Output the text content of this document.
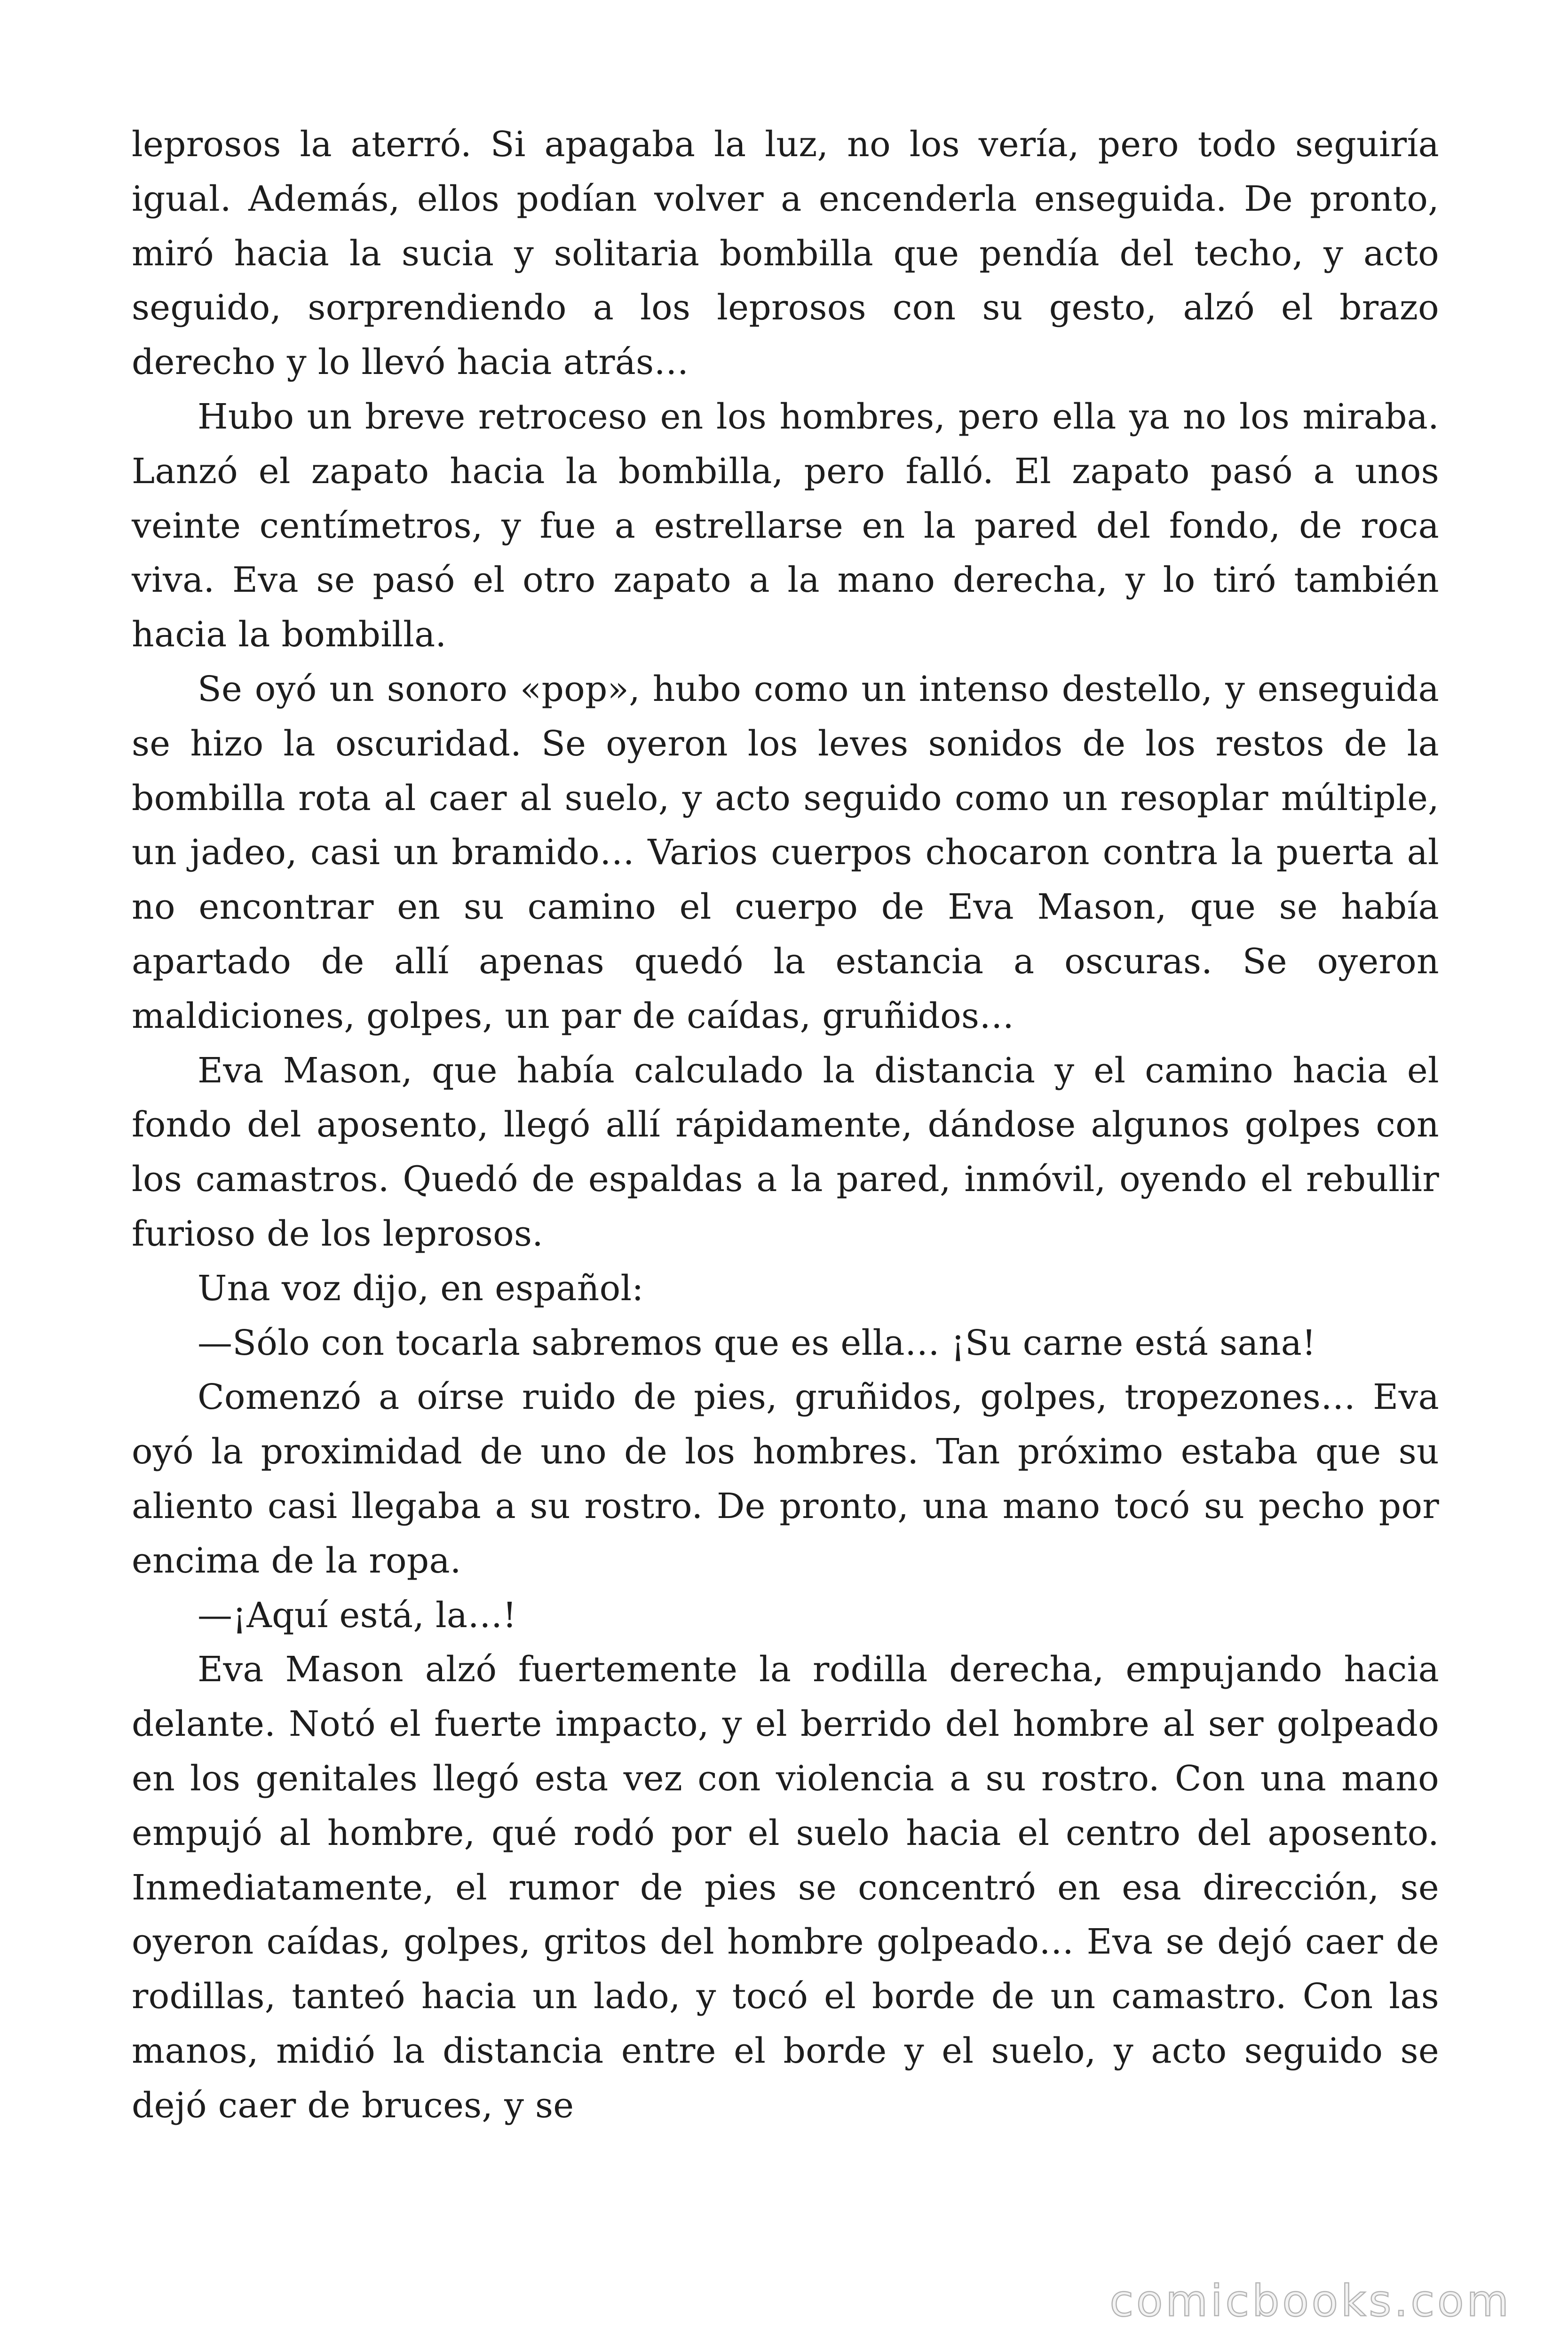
leprosos la aterró. Si apagaba la luz, no los vería, pero todo seguiría igual. Además, ellos podían volver a encenderla enseguida. De pronto, miró hacia la sucia y solitaria bombilla que pendía del techo, y acto seguido, sorprendiendo a los leprosos con su gesto, alzó el brazo derecho y lo llevó hacia atrás…

Hubo un breve retroceso en los hombres, pero ella ya no los miraba. Lanzó el zapato hacia la bombilla, pero falló. El zapato pasó a unos veinte centímetros, y fue a estrellarse en la pared del fondo, de roca viva. Eva se pasó el otro zapato a la mano derecha, y lo tiró también hacia la bombilla.

Se oyó un sonoro «pop», hubo como un intenso destello, y enseguida se hizo la oscuridad. Se oyeron los leves sonidos de los restos de la bombilla rota al caer al suelo, y acto seguido como un resoplar múltiple, un jadeo, casi un bramido… Varios cuerpos chocaron contra la puerta al no encontrar en su camino el cuerpo de Eva Mason, que se había apartado de allí apenas quedó la estancia a oscuras. Se oyeron maldiciones, golpes, un par de caídas, gruñidos…

Eva Mason, que había calculado la distancia y el camino hacia el fondo del aposento, llegó allí rápidamente, dándose algunos golpes con los camastros. Quedó de espaldas a la pared, inmóvil, oyendo el rebullir furioso de los leprosos.

Una voz dijo, en español:

—Sólo con tocarla sabremos que es ella… ¡Su carne está sana!

Comenzó a oírse ruido de pies, gruñidos, golpes, tropezones… Eva oyó la proximidad de uno de los hombres. Tan próximo estaba que su aliento casi llegaba a su rostro. De pronto, una mano tocó su pecho por encima de la ropa.

—¡Aquí está, la…!

Eva Mason alzó fuertemente la rodilla derecha, empujando hacia delante. Notó el fuerte impacto, y el berrido del hombre al ser golpeado en los genitales llegó esta vez con violencia a su rostro. Con una mano empujó al hombre, qué rodó por el suelo hacia el centro del aposento. Inmediatamente, el rumor de pies se concentró en esa dirección, se oyeron caídas, golpes, gritos del hombre golpeado… Eva se dejó caer de rodillas, tanteó hacia un lado, y tocó el borde de un camastro. Con las manos, midió la distancia entre el borde y el suelo, y acto seguido se dejó caer de bruces, y se

comicbooks.com
